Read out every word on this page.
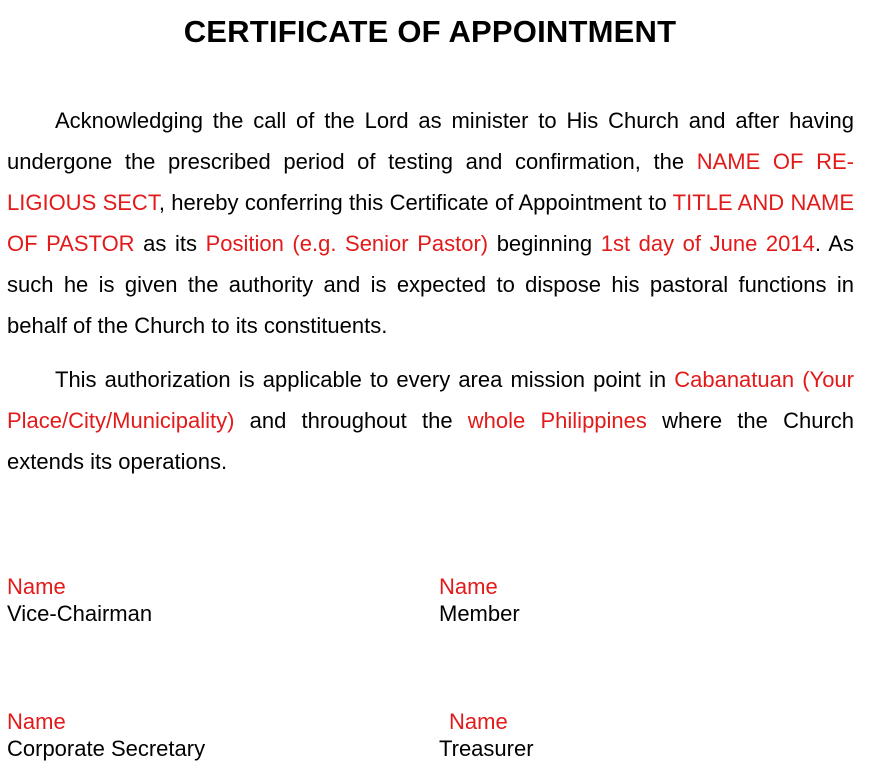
CERTIFICATE OF APPOINTMENT

Acknowledging the call of the Lord as minister to His Church and after having undergone the prescribed period of testing and confirmation, the NAME OF RE-LIGIOUS SECT, hereby conferring this Certificate of Appointment to TITLE AND NAME OF PASTOR as its Position (e.g. Senior Pastor) beginning 1st day of June 2014. As such he is given the authority and is expected to dispose his pastoral functions in behalf of the Church to its constituents.

This authorization is applicable to every area mission point in Cabanatuan (Your Place/City/Municipality) and throughout the whole Philippines where the Church extends its operations.

Name
Vice-Chairman
Name
Member
Name
Corporate Secretary
Name
Treasurer
